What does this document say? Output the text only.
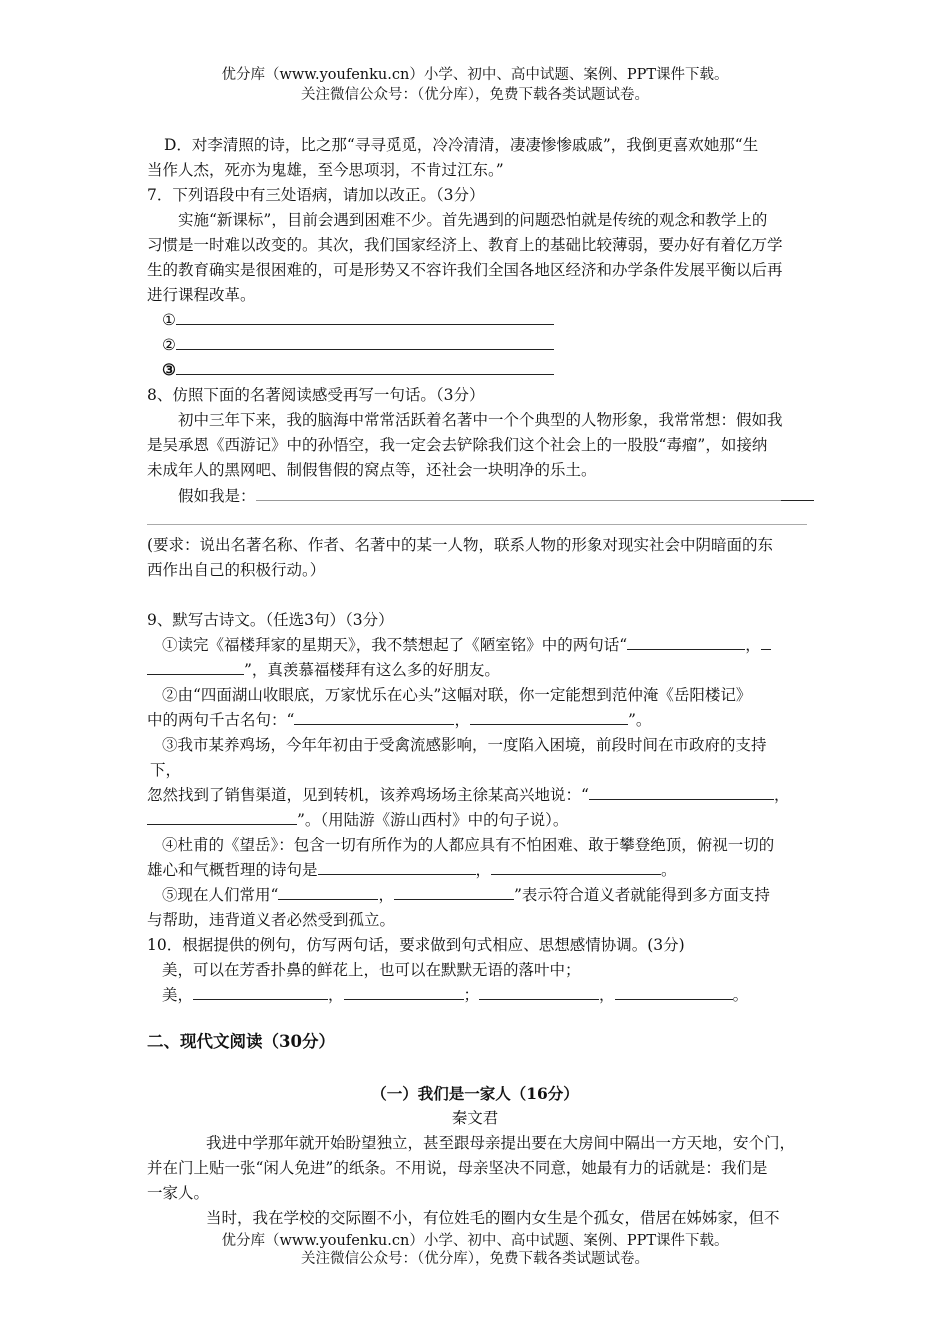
优分库（www.youfenku.cn）小学、初中、高中试题、案例、PPT课件下载。
关注微信公众号：（优分库），免费下载各类试题试卷。
D．对李清照的诗，比之那“寻寻觅觅，冷冷清清，凄凄惨惨戚戚”，我倒更喜欢她那“生
当作人杰，死亦为鬼雄，至今思项羽，不肯过江东。”
7．下列语段中有三处语病，请加以改正。（3分）
实施“新课标”，目前会遇到困难不少。首先遇到的问题恐怕就是传统的观念和教学上的
习惯是一时难以改变的。其次，我们国家经济上、教育上的基础比较薄弱，要办好有着亿万学
生的教育确实是很困难的，可是形势又不容许我们全国各地区经济和办学条件发展平衡以后再
进行课程改革。
①
②
③
8、仿照下面的名著阅读感受再写一句话。（3分）
初中三年下来，我的脑海中常常活跃着名著中一个个典型的人物形象，我常常想：假如我
是吴承恩《西游记》中的孙悟空，我一定会去铲除我们这个社会上的一股股“毒瘤”，如接纳
未成年人的黑网吧、制假售假的窝点等，还社会一块明净的乐土。
假如我是：
(要求：说出名著名称、作者、名著中的某一人物，联系人物的形象对现实社会中阴暗面的东
西作出自己的积极行动。）
9、默写古诗文。（任选3句）（3分）
①读完《福楼拜家的星期天》，我不禁想起了《陋室铭》中的两句话“	，
”，真羡慕福楼拜有这么多的好朋友。
②由“四面湖山收眼底，万家忧乐在心头”这幅对联，你一定能想到范仲淹《岳阳楼记》
中的两句千古名句：“	，	”。
③我市某养鸡场，今年年初由于受禽流感影响，一度陷入困境，前段时间在市政府的支持
下，
忽然找到了销售渠道，见到转机，该养鸡场场主徐某高兴地说：“	，
”。（用陆游《游山西村》中的句子说）。
④杜甫的《望岳》：包含一切有所作为的人都应具有不怕困难、敢于攀登绝顶，俯视一切的
雄心和气概哲理的诗句是	，	。
⑤现在人们常用“	，	”表示符合道义者就能得到多方面支持
与帮助，违背道义者必然受到孤立。
10．根据提供的例句，仿写两句话，要求做到句式相应、思想感情协调。(3分)
美，可以在芳香扑鼻的鲜花上，也可以在默默无语的落叶中；
美，	，	；	，	。
二、现代文阅读（30分）
（一）我们是一家人（16分）
秦文君
我进中学那年就开始盼望独立，甚至跟母亲提出要在大房间中隔出一方天地，安个门，
并在门上贴一张“闲人免进”的纸条。不用说，母亲坚决不同意，她最有力的话就是：我们是
一家人。
当时，我在学校的交际圈不小，有位姓毛的圈内女生是个孤女，借居在姊姊家，但不
优分库（www.youfenku.cn）小学、初中、高中试题、案例、PPT课件下载。
关注微信公众号：（优分库），免费下载各类试题试卷。
